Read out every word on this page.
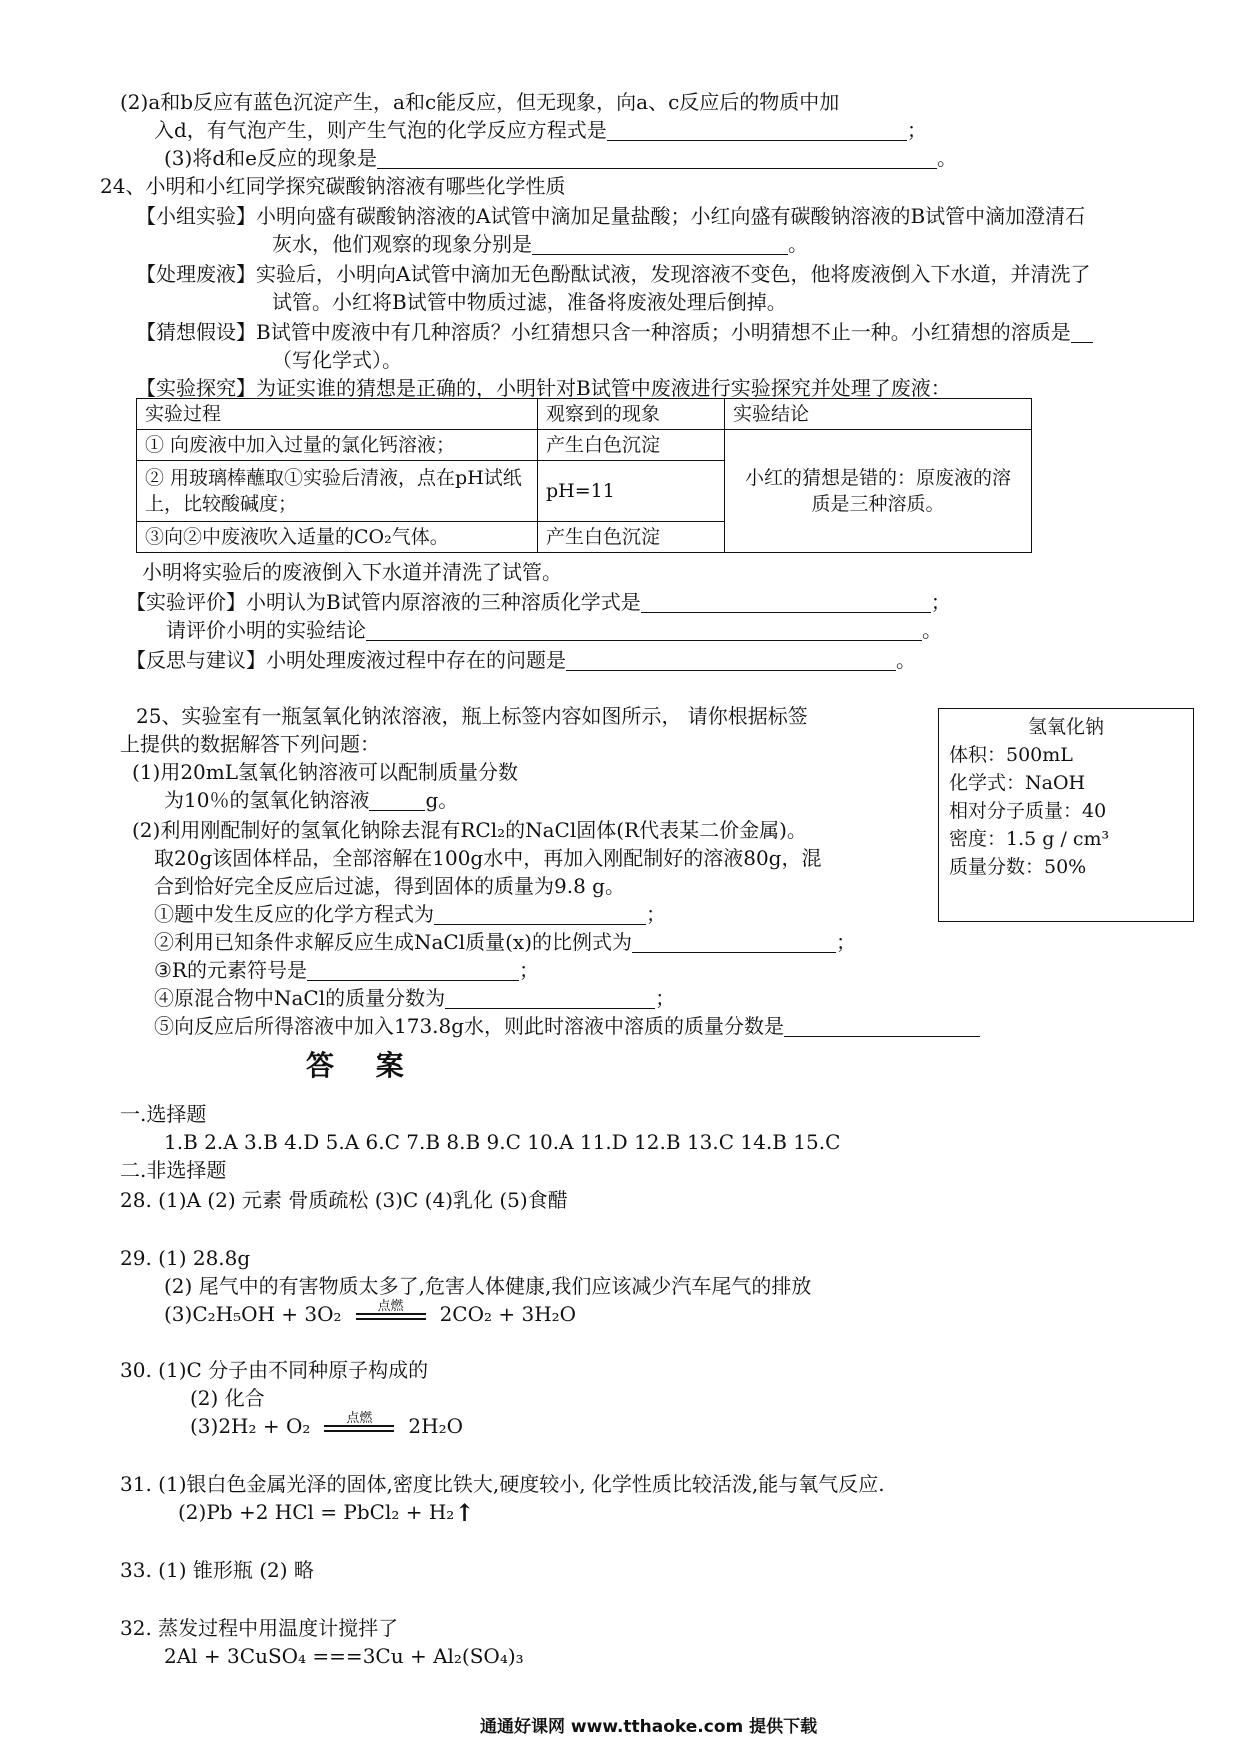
(2)a和b反应有蓝色沉淀产生，a和c能反应，但无现象，向a、c反应后的物质中加
入d，有气泡产生，则产生气泡的化学反应方程式是	；
(3)将d和e反应的现象是	。
24、小明和小红同学探究碳酸钠溶液有哪些化学性质
【小组实验】小明向盛有碳酸钠溶液的A试管中滴加足量盐酸；小红向盛有碳酸钠溶液的B试管中滴加澄清石
灰水，他们观察的现象分别是	。
【处理废液】实验后，小明向A试管中滴加无色酚酞试液，发现溶液不变色，他将废液倒入下水道，并清洗了
试管。小红将B试管中物质过滤，准备将废液处理后倒掉。
【猜想假设】B试管中废液中有几种溶质？小红猜想只含一种溶质；小明猜想不止一种。小红猜想的溶质是
（写化学式）。
【实验探究】为证实谁的猜想是正确的，小明针对B试管中废液进行实验探究并处理了废液：
实验过程	观察到的现象	实验结论
① 向废液中加入过量的氯化钙溶液；	产生白色沉淀	小红的猜想是错的：原废液的溶质是三种溶质。
② 用玻璃棒蘸取①实验后清液，点在pH试纸上，比较酸碱度；	pH=11	
③向②中废液吹入适量的CO₂气体。	产生白色沉淀	
小明将实验后的废液倒入下水道并清洗了试管。
【实验评价】小明认为B试管内原溶液的三种溶质化学式是	；
请评价小明的实验结论	。
【反思与建议】小明处理废液过程中存在的问题是	。
25、实验室有一瓶氢氧化钠浓溶液，瓶上标签内容如图所示， 请你根据标签
上提供的数据解答下列问题：
(1)用20mL氢氧化钠溶液可以配制质量分数
为10％的氢氧化钠溶液	g。
(2)利用刚配制好的氢氧化钠除去混有RCl₂的NaCl固体(R代表某二价金属)。
取20g该固体样品，全部溶解在100g水中，再加入刚配制好的溶液80g，混
合到恰好完全反应后过滤，得到固体的质量为9.8 g。
①题中发生反应的化学方程式为	；
②利用已知条件求解反应生成NaCl质量(x)的比例式为	；
③R的元素符号是	；
④原混合物中NaCl的质量分数为	；
⑤向反应后所得溶液中加入173.8g水，则此时溶液中溶质的质量分数是
氢氧化钠
体积：500mL
化学式：NaOH
相对分子质量：40
密度：1.5 g / cm³
质量分数：50%
答 案
一.选择题
1.B 2.A 3.B 4.D 5.A 6.C 7.B 8.B 9.C 10.A 11.D 12.B 13.C 14.B 15.C
二.非选择题
28. (1)A (2) 元素 骨质疏松 (3)C (4)乳化 (5)食醋
29. (1) 28.8g
(2) 尾气中的有害物质太多了,危害人体健康,我们应该减少汽车尾气的排放
(3)C₂H₅OH + 3O₂	点燃	2CO₂ + 3H₂O
30. (1)C 分子由不同种原子构成的
(2) 化合
(3)2H₂ + O₂	点燃	2H₂O
31. (1)银白色金属光泽的固体,密度比铁大,硬度较小, 化学性质比较活泼,能与氧气反应.
(2)Pb +2 HCl = PbCl₂ + H₂↑
33. (1) 锥形瓶 (2) 略
32. 蒸发过程中用温度计搅拌了
2Al + 3CuSO₄ ===3Cu + Al₂(SO₄)₃
通通好课网 www.tthaoke.com 提供下载
